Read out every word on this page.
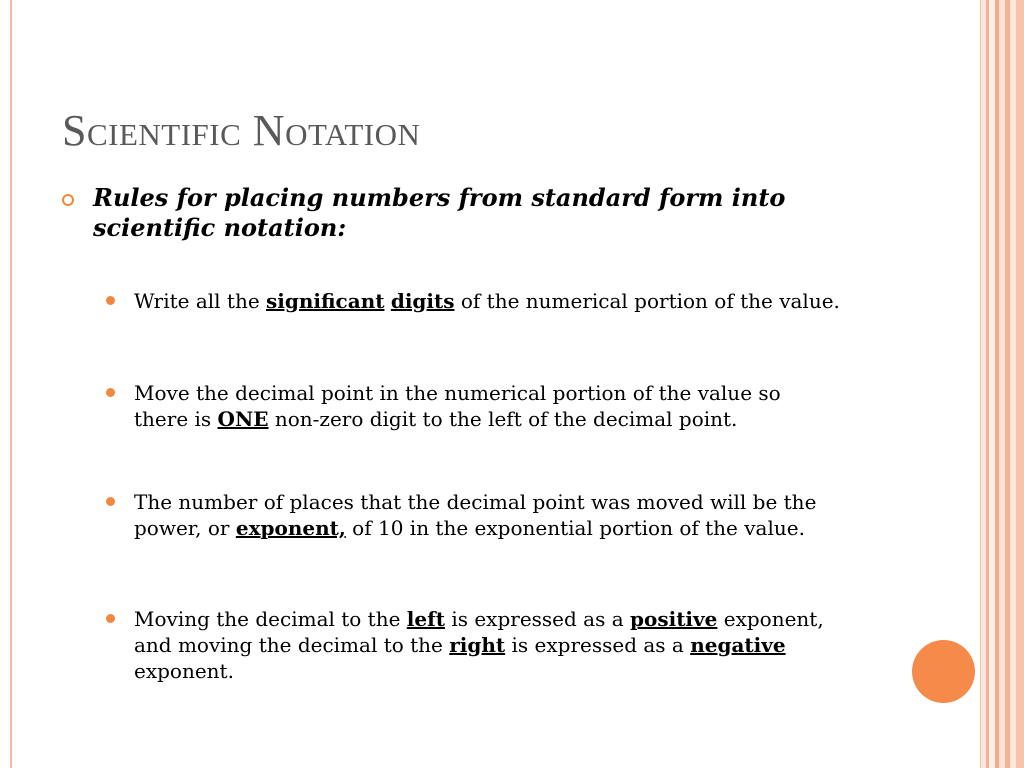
Scientific Notation
Rules for placing numbers from standard form into scientific notation:
Write all the significant digits of the numerical portion of the value.
Move the decimal point in the numerical portion of the value so there is ONE non-zero digit to the left of the decimal point.
The number of places that the decimal point was moved will be the power, or exponent, of 10 in the exponential portion of the value.
Moving the decimal to the left is expressed as a positive exponent, and moving the decimal to the right is expressed as a negative exponent.
